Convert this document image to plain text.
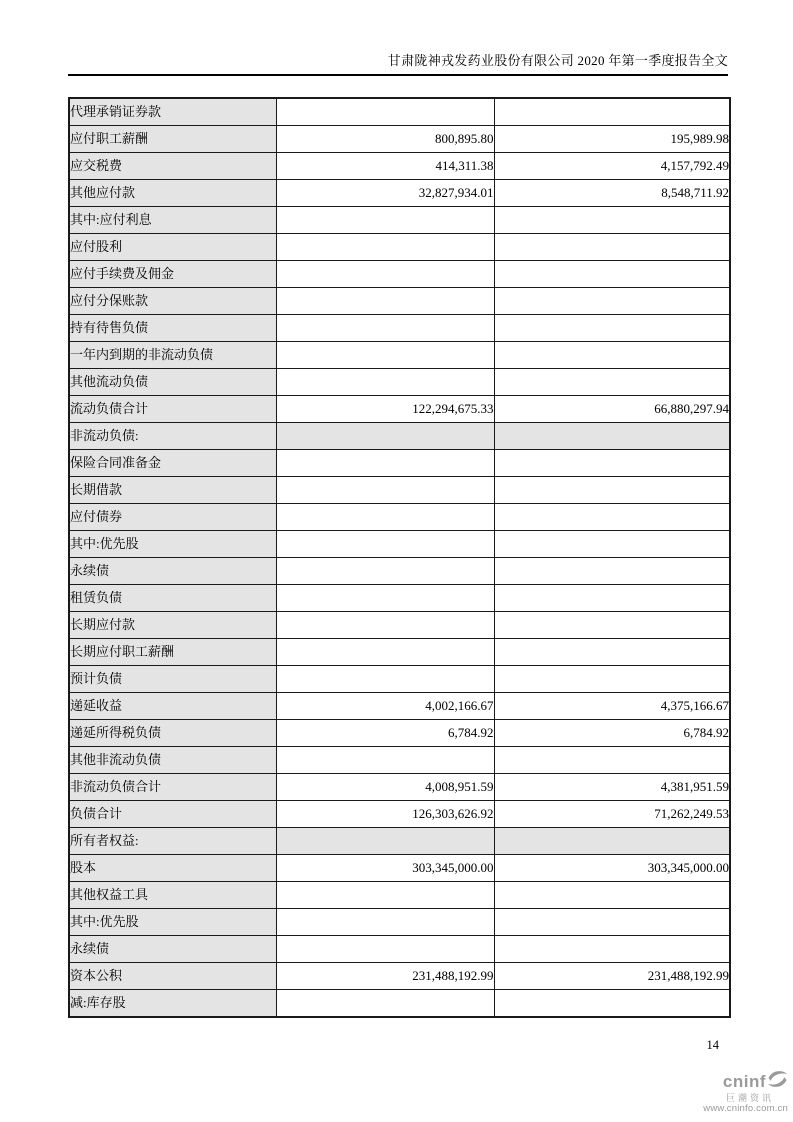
甘肃陇神戎发药业股份有限公司 2020 年第一季度报告全文
代理承销证券款		
应付职工薪酬	800,895.80	195,989.98
应交税费	414,311.38	4,157,792.49
其他应付款	32,827,934.01	8,548,711.92
其中:应付利息		
应付股利		
应付手续费及佣金		
应付分保账款		
持有待售负债		
一年内到期的非流动负债		
其他流动负债		
流动负债合计	122,294,675.33	66,880,297.94
非流动负债:		
保险合同准备金		
长期借款		
应付债券		
其中:优先股		
永续债		
租赁负债		
长期应付款		
长期应付职工薪酬		
预计负债		
递延收益	4,002,166.67	4,375,166.67
递延所得税负债	6,784.92	6,784.92
其他非流动负债		
非流动负债合计	4,008,951.59	4,381,951.59
负债合计	126,303,626.92	71,262,249.53
所有者权益:		
股本	303,345,000.00	303,345,000.00
其他权益工具		
其中:优先股		
永续债		
资本公积	231,488,192.99	231,488,192.99
减:库存股		
14
cninf
巨潮资讯
www.cninfo.com.cn
